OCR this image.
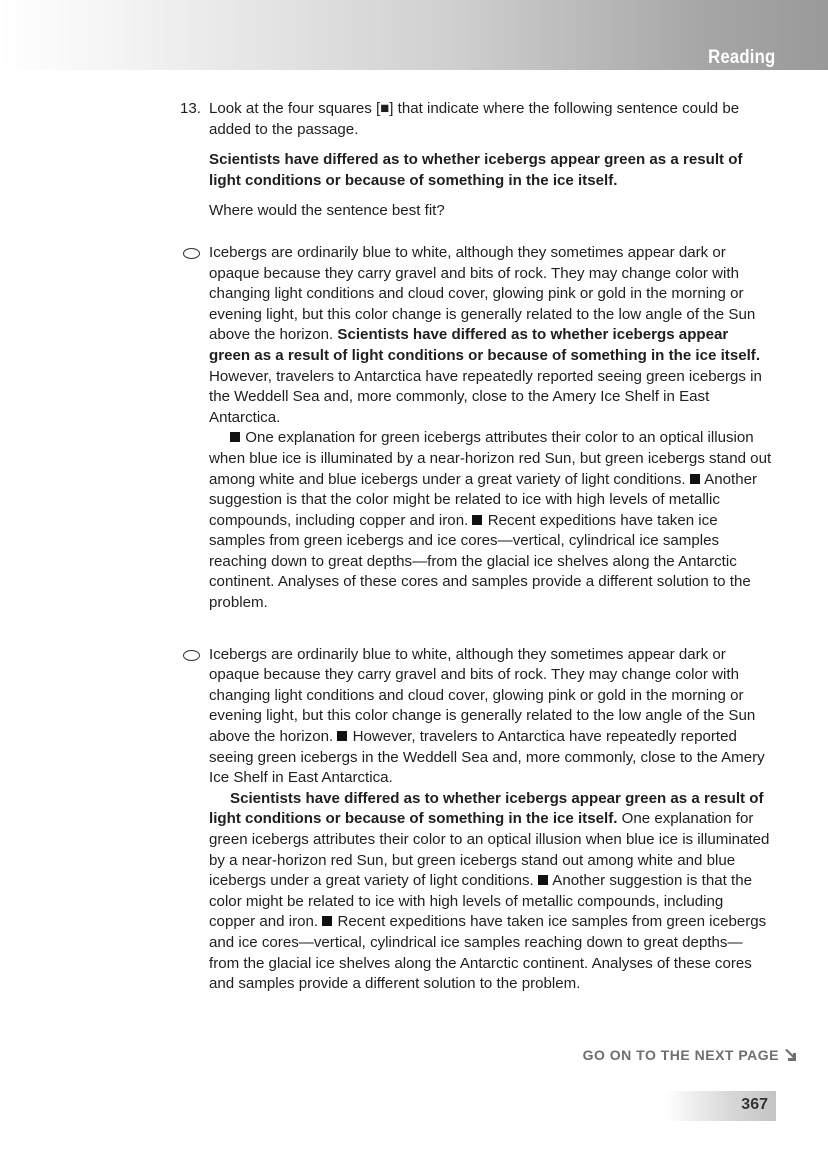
Reading
13. Look at the four squares [■] that indicate where the following sentence could be added to the passage.

Scientists have differed as to whether icebergs appear green as a result of light conditions or because of something in the ice itself.

Where would the sentence best fit?

Icebergs are ordinarily blue to white, although they sometimes appear dark or opaque because they carry gravel and bits of rock. They may change color with changing light conditions and cloud cover, glowing pink or gold in the morning or evening light, but this color change is generally related to the low angle of the Sun above the horizon. Scientists have differed as to whether icebergs appear green as a result of light conditions or because of something in the ice itself. However, travelers to Antarctica have repeatedly reported seeing green icebergs in the Weddell Sea and, more commonly, close to the Amery Ice Shelf in East Antarctica.

One explanation for green icebergs attributes their color to an optical illusion when blue ice is illuminated by a near-horizon red Sun, but green icebergs stand out among white and blue icebergs under a great variety of light conditions. Another suggestion is that the color might be related to ice with high levels of metallic compounds, including copper and iron. Recent expeditions have taken ice samples from green icebergs and ice cores—vertical, cylindrical ice samples reaching down to great depths—from the glacial ice shelves along the Antarctic continent. Analyses of these cores and samples provide a different solution to the problem.

Icebergs are ordinarily blue to white, although they sometimes appear dark or opaque because they carry gravel and bits of rock. They may change color with changing light conditions and cloud cover, glowing pink or gold in the morning or evening light, but this color change is generally related to the low angle of the Sun above the horizon. However, travelers to Antarctica have repeatedly reported seeing green icebergs in the Weddell Sea and, more commonly, close to the Amery Ice Shelf in East Antarctica.

Scientists have differed as to whether icebergs appear green as a result of light conditions or because of something in the ice itself. One explanation for green icebergs attributes their color to an optical illusion when blue ice is illuminated by a near-horizon red Sun, but green icebergs stand out among white and blue icebergs under a great variety of light conditions. Another suggestion is that the color might be related to ice with high levels of metallic compounds, including copper and iron. Recent expeditions have taken ice samples from green icebergs and ice cores—vertical, cylindrical ice samples reaching down to great depths—from the glacial ice shelves along the Antarctic continent. Analyses of these cores and samples provide a different solution to the problem.

GO ON TO THE NEXT PAGE
367
